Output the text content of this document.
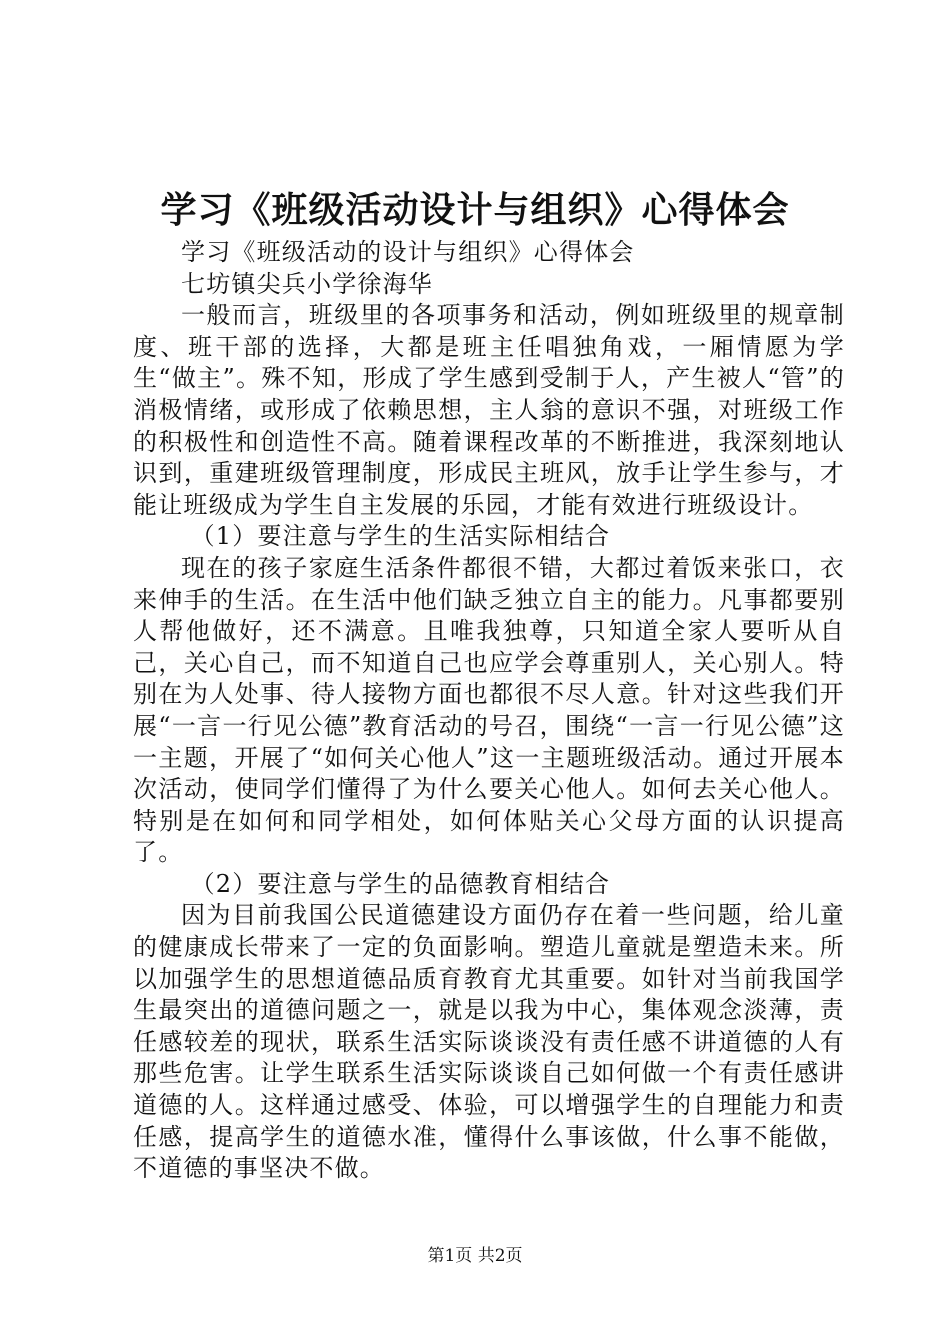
学习《班级活动设计与组织》心得体会

学习《班级活动的设计与组织》心得体会

七坊镇尖兵小学徐海华

一般而言，班级里的各项事务和活动，例如班级里的规章制度、班干部的选择，大都是班主任唱独角戏，一厢情愿为学生“做主”。殊不知，形成了学生感到受制于人，产生被人“管”的消极情绪，或形成了依赖思想，主人翁的意识不强，对班级工作的积极性和创造性不高。随着课程改革的不断推进，我深刻地认识到，重建班级管理制度，形成民主班风，放手让学生参与，才能让班级成为学生自主发展的乐园，才能有效进行班级设计。

（1）要注意与学生的生活实际相结合

现在的孩子家庭生活条件都很不错，大都过着饭来张口，衣来伸手的生活。在生活中他们缺乏独立自主的能力。凡事都要别人帮他做好，还不满意。且唯我独尊，只知道全家人要听从自己，关心自己，而不知道自己也应学会尊重别人，关心别人。特别在为人处事、待人接物方面也都很不尽人意。针对这些我们开展“一言一行见公德”教育活动的号召，围绕“一言一行见公德”这一主题，开展了“如何关心他人”这一主题班级活动。通过开展本次活动，使同学们懂得了为什么要关心他人。如何去关心他人。特别是在如何和同学相处，如何体贴关心父母方面的认识提高了。

（2）要注意与学生的品德教育相结合

因为目前我国公民道德建设方面仍存在着一些问题，给儿童的健康成长带来了一定的负面影响。塑造儿童就是塑造未来。所以加强学生的思想道德品质育教育尤其重要。如针对当前我国学生最突出的道德问题之一，就是以我为中心，集体观念淡薄，责任感较差的现状，联系生活实际谈谈没有责任感不讲道德的人有那些危害。让学生联系生活实际谈谈自己如何做一个有责任感讲道德的人。这样通过感受、体验，可以增强学生的自理能力和责任感，提高学生的道德水准，懂得什么事该做，什么事不能做，不道德的事坚决不做。

第1页 共2页
